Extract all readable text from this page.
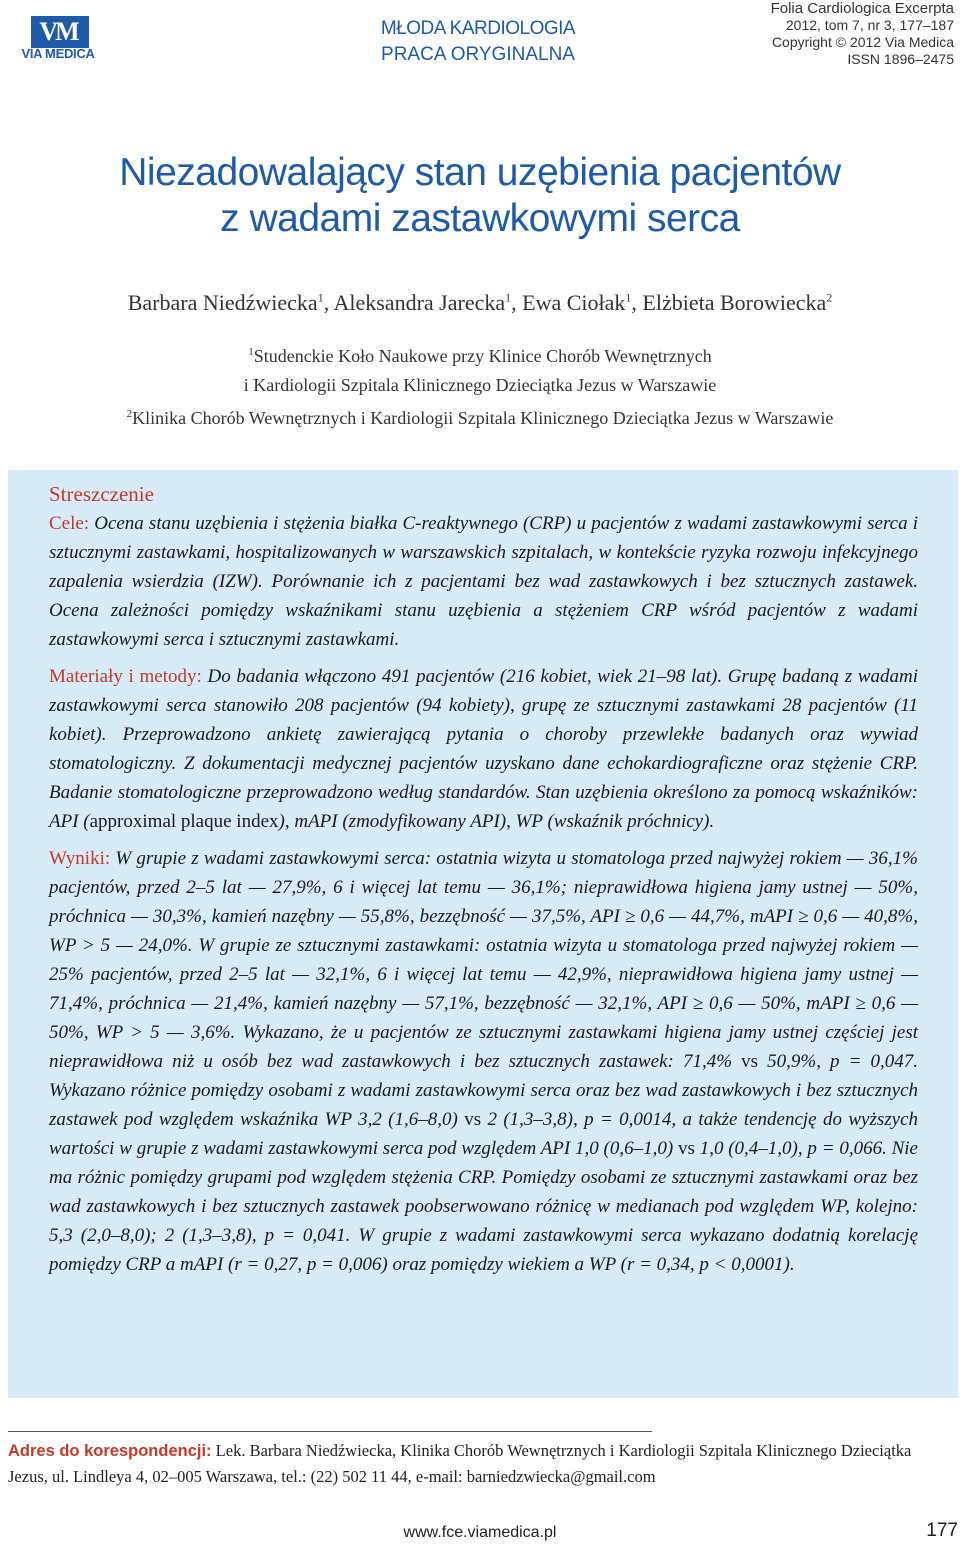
VM
VIA MEDICA
MŁODA KARDIOLOGIA
PRACA ORYGINALNA
Folia Cardiologica Excerpta
2012, tom 7, nr 3, 177–187
Copyright © 2012 Via Medica
ISSN 1896–2475
Niezadowalający stan uzębienia pacjentów
z wadami zastawkowymi serca
Barbara Niedźwiecka$^1$, Aleksandra Jarecka$^1$, Ewa Ciołak$^1$, Elżbieta Borowiecka$^2$
$^1$Studenckie Koło Naukowe przy Klinice Chorób Wewnętrznych
i Kardiologii Szpitala Klinicznego Dzieciątka Jezus w Warszawie
$^2$Klinika Chorób Wewnętrznych i Kardiologii Szpitala Klinicznego Dzieciątka Jezus w Warszawie
Streszczenie

Cele: Ocena stanu uzębienia i stężenia białka C-reaktywnego (CRP) u pacjentów z wadami zastawkowymi serca i sztucznymi zastawkami, hospitalizowanych w warszawskich szpitalach, w kontekście ryzyka rozwoju infekcyjnego zapalenia wsierdzia (IZW). Porównanie ich z pacjentami bez wad zastawkowych i bez sztucznych zastawek. Ocena zależności pomiędzy wskaźnikami stanu uzębienia a stężeniem CRP wśród pacjentów z wadami zastawkowymi serca i sztucznymi zastawkami.

Materiały i metody: Do badania włączono 491 pacjentów (216 kobiet, wiek 21–98 lat). Grupę badaną z wadami zastawkowymi serca stanowiło 208 pacjentów (94 kobiety), grupę ze sztucznymi zastawkami 28 pacjentów (11 kobiet). Przeprowadzono ankietę zawierającą pytania o choroby przewlekłe badanych oraz wywiad stomatologiczny. Z dokumentacji medycznej pacjentów uzyskano dane echokardiograficzne oraz stężenie CRP. Badanie stomatologiczne przeprowadzono według standardów. Stan uzębienia określono za pomocą wskaźników: API (approximal plaque index), mAPI (zmodyfikowany API), WP (wskaźnik próchnicy).

Wyniki: W grupie z wadami zastawkowymi serca: ostatnia wizyta u stomatologa przed najwyżej rokiem — 36,1% pacjentów, przed 2–5 lat — 27,9%, 6 i więcej lat temu — 36,1%; nieprawidłowa higiena jamy ustnej — 50%, próchnica — 30,3%, kamień nazębny — 55,8%, bezzębność — 37,5%, API ≥ 0,6 — 44,7%, mAPI ≥ 0,6 — 40,8%, WP > 5 — 24,0%. W grupie ze sztucznymi zastawkami: ostatnia wizyta u stomatologa przed najwyżej rokiem — 25% pacjentów, przed 2–5 lat — 32,1%, 6 i więcej lat temu — 42,9%, nieprawidłowa higiena jamy ustnej — 71,4%, próchnica — 21,4%, kamień nazębny — 57,1%, bezzębność — 32,1%, API ≥ 0,6 — 50%, mAPI ≥ 0,6 — 50%, WP > 5 — 3,6%. Wykazano, że u pacjentów ze sztucznymi zastawkami higiena jamy ustnej częściej jest nieprawidłowa niż u osób bez wad zastawkowych i bez sztucznych zastawek: 71,4% vs 50,9%, p = 0,047. Wykazano różnice pomiędzy osobami z wadami zastawkowymi serca oraz bez wad zastawkowych i bez sztucznych zastawek pod względem wskaźnika WP 3,2 (1,6–8,0) vs 2 (1,3–3,8), p = 0,0014, a także tendencję do wyższych wartości w grupie z wadami zastawkowymi serca pod względem API 1,0 (0,6–1,0) vs 1,0 (0,4–1,0), p = 0,066. Nie ma różnic pomiędzy grupami pod względem stężenia CRP. Pomiędzy osobami ze sztucznymi zastawkami oraz bez wad zastawkowych i bez sztucznych zastawek poobserwowano różnicę w medianach pod względem WP, kolejno: 5,3 (2,0–8,0); 2 (1,3–3,8), p = 0,041. W grupie z wadami zastawkowymi serca wykazano dodatnią korelację pomiędzy CRP a mAPI (r = 0,27, p = 0,006) oraz pomiędzy wiekiem a WP (r = 0,34, p < 0,0001).

Adres do korespondencji: Lek. Barbara Niedźwiecka, Klinika Chorób Wewnętrznych i Kardiologii Szpitala Klinicznego Dzieciątka Jezus, ul. Lindleya 4, 02–005 Warszawa, tel.: (22) 502 11 44, e-mail: barniedzwiecka@gmail.com
www.fce.viamedica.pl	177
